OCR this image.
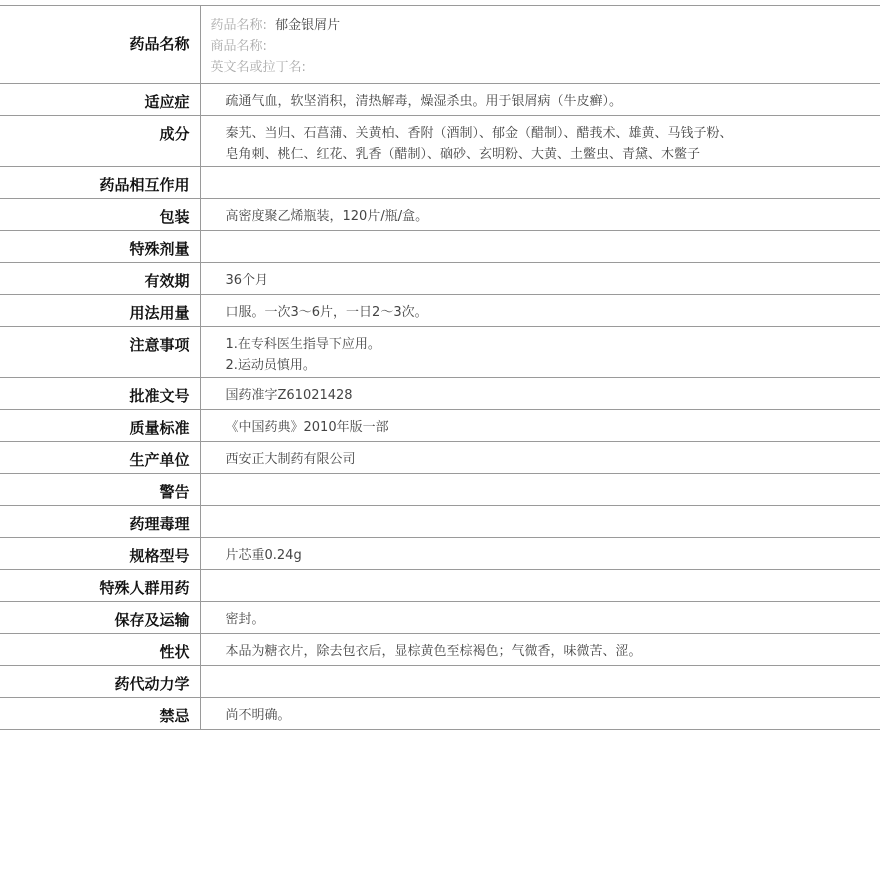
药品名称	药品名称: 郁金银屑片
商品名称:
英文名或拉丁名:

适应症	疏通气血，软坚消积，清热解毒，燥湿杀虫。用于银屑病（牛皮癣）。

成分	秦艽、当归、石菖蒲、关黄柏、香附（酒制）、郁金（醋制）、醋莪术、雄黄、马钱子粉、
皂角刺、桃仁、红花、乳香（醋制）、硇砂、玄明粉、大黄、土鳖虫、青黛、木鳖子

药品相互作用	
包装	高密度聚乙烯瓶装，120片/瓶/盒。

特殊剂量	
有效期	36个月

用法用量	口服。一次3～6片，一日2～3次。

注意事项	1.在专科医生指导下应用。
2.运动员慎用。

批准文号	国药准字Z61021428

质量标准	《中国药典》2010年版一部

生产单位	西安正大制药有限公司

警告	
药理毒理	
规格型号	片芯重0.24g

特殊人群用药	
保存及运输	密封。

性状	本品为糖衣片，除去包衣后，显棕黄色至棕褐色；气微香，味微苦、涩。

药代动力学	
禁忌	尚不明确。
